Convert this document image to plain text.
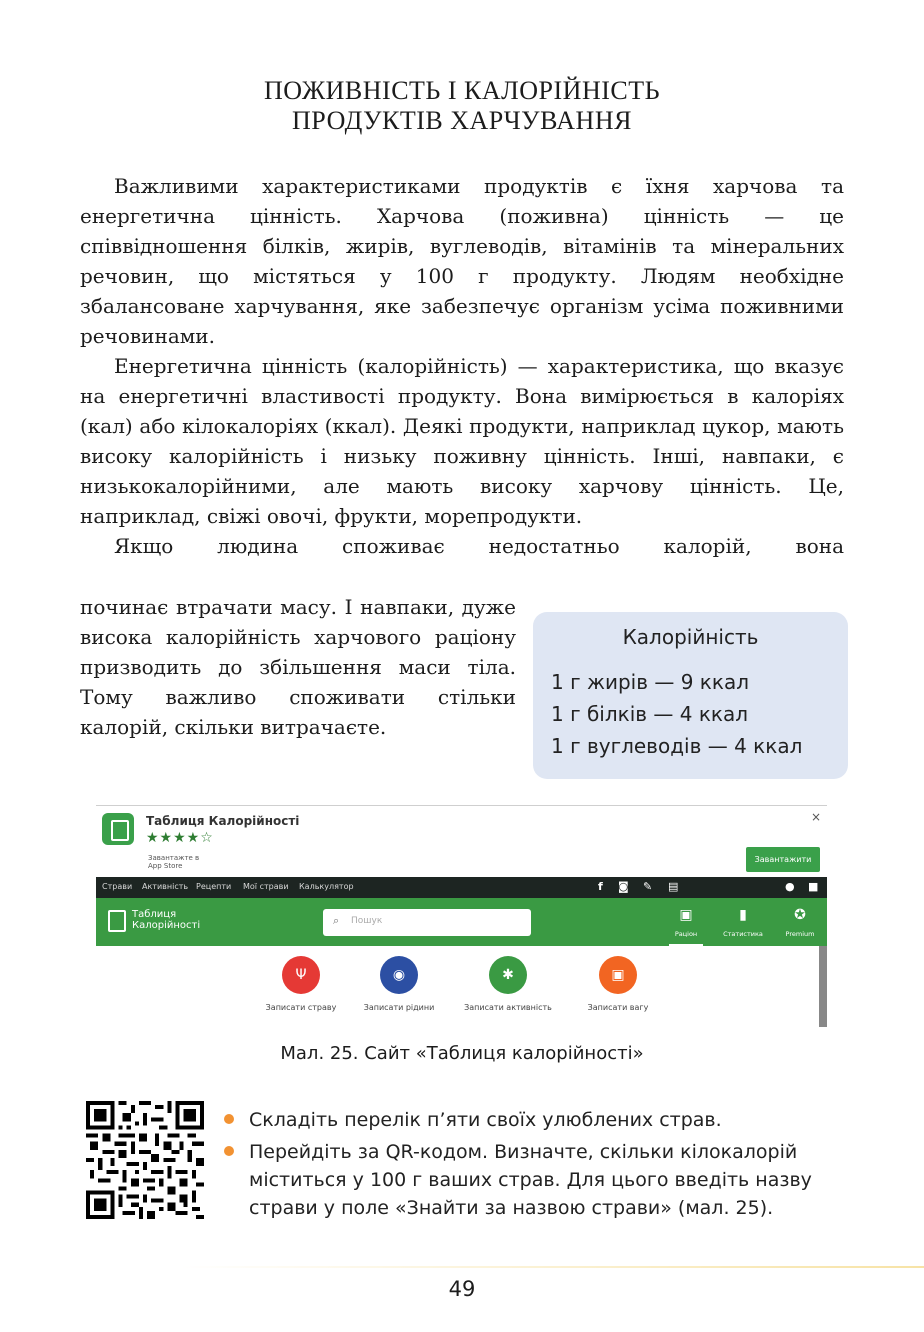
ПОЖИВНІСТЬ І КАЛОРІЙНІСТЬ
ПРОДУКТІВ ХАРЧУВАННЯ

Важливими характеристиками продуктів є їхня харчова та енергетична цінність. Харчова (поживна) цінність — це співвідношення білків, жирів, вуглеводів, вітамінів та мінеральних речовин, що містяться у 100 г продукту. Людям необхідне збалансоване харчування, яке забезпечує організм усіма поживними речовинами.

Енергетична цінність (калорійність) — характеристика, що вказує на енергетичні властивості продукту. Вона вимірюється в калоріях (кал) або кілокалоріях (ккал). Деякі продукти, наприклад цукор, мають високу калорійність і низьку поживну цінність. Інші, навпаки, є низькокалорійними, але мають високу харчову цінність. Це, наприклад, свіжі овочі, фрукти, морепродукти.

Якщо людина споживає недостатньо калорій, вона

починає втрачати масу. І навпаки, дуже висока калорійність харчового раціону призводить до збільшення маси тіла. Тому важливо споживати стільки калорій, скільки витрачаєте.
Калорійність
1 г жирів — 9 ккал
1 г білків — 4 ккал
1 г вуглеводів — 4 ккал
Таблиця Калорійності
★★★★☆
Завантажте в
App Store
×
Завантажити
Страви Активність Рецепти Мої страви Калькулятор	f ◙ ✎ ▤	● ■
Таблиця
Калорійності	⌕ Пошук	▣
Раціон
▮
Статистика
✪
Premium
Ψ
Записати страву
◉
Записати рідини
✱
Записати активність
▣
Записати вагу
Мал. 25. Сайт «Таблиця калорійності»
Складіть перелік п’яти своїх улюблених страв.
Перейдіть за QR-кодом. Визначте, скільки кілокалорій міститься у 100 г ваших страв. Для цього введіть назву страви у поле «Знайти за назвою страви» (мал. 25).
49
